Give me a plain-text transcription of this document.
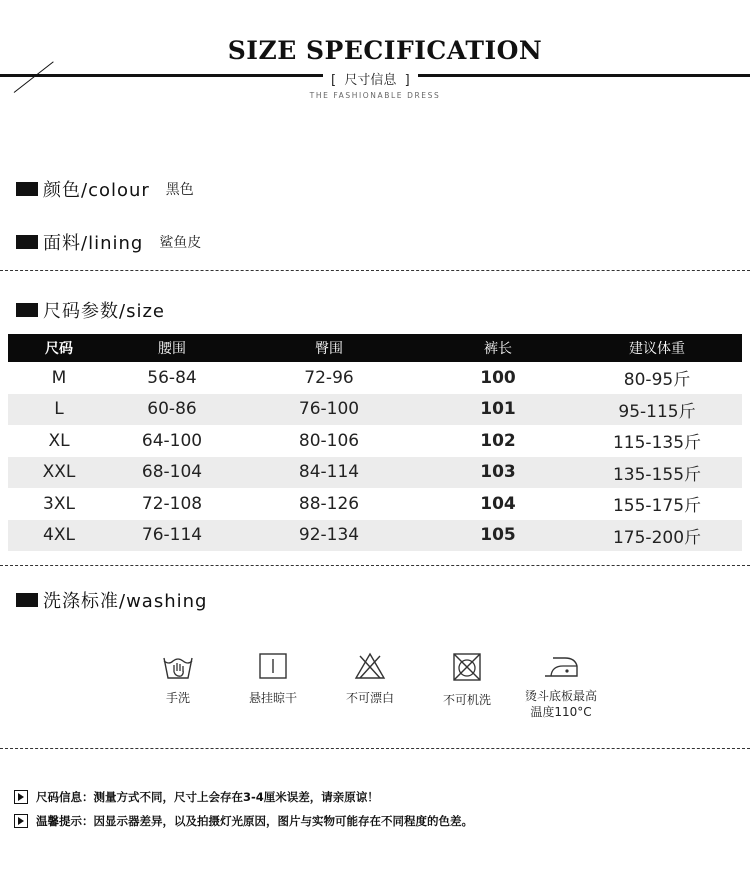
SIZE SPECIFICATION
[  尺寸信息  ]
THE FASHIONABLE DRESS
颜色/colour 黑色
面料/lining 鲨鱼皮
尺码参数/size
尺码	腰围	臀围	裤长	建议体重
M	56-84	72-96	100	80-95斤
L	60-86	76-100	101	95-115斤
XL	64-100	80-106	102	115-135斤
XXL	68-104	84-114	103	135-155斤
3XL	72-108	88-126	104	155-175斤
4XL	76-114	92-134	105	175-200斤
洗涤标准/washing
手洗	悬挂晾干	不可漂白	不可机洗	烫斗底板最高
温度110°C
尺码信息：测量方式不同，尺寸上会存在3-4厘米误差，请亲原谅！
温馨提示：因显示器差异，以及拍摄灯光原因，图片与实物可能存在不同程度的色差。
